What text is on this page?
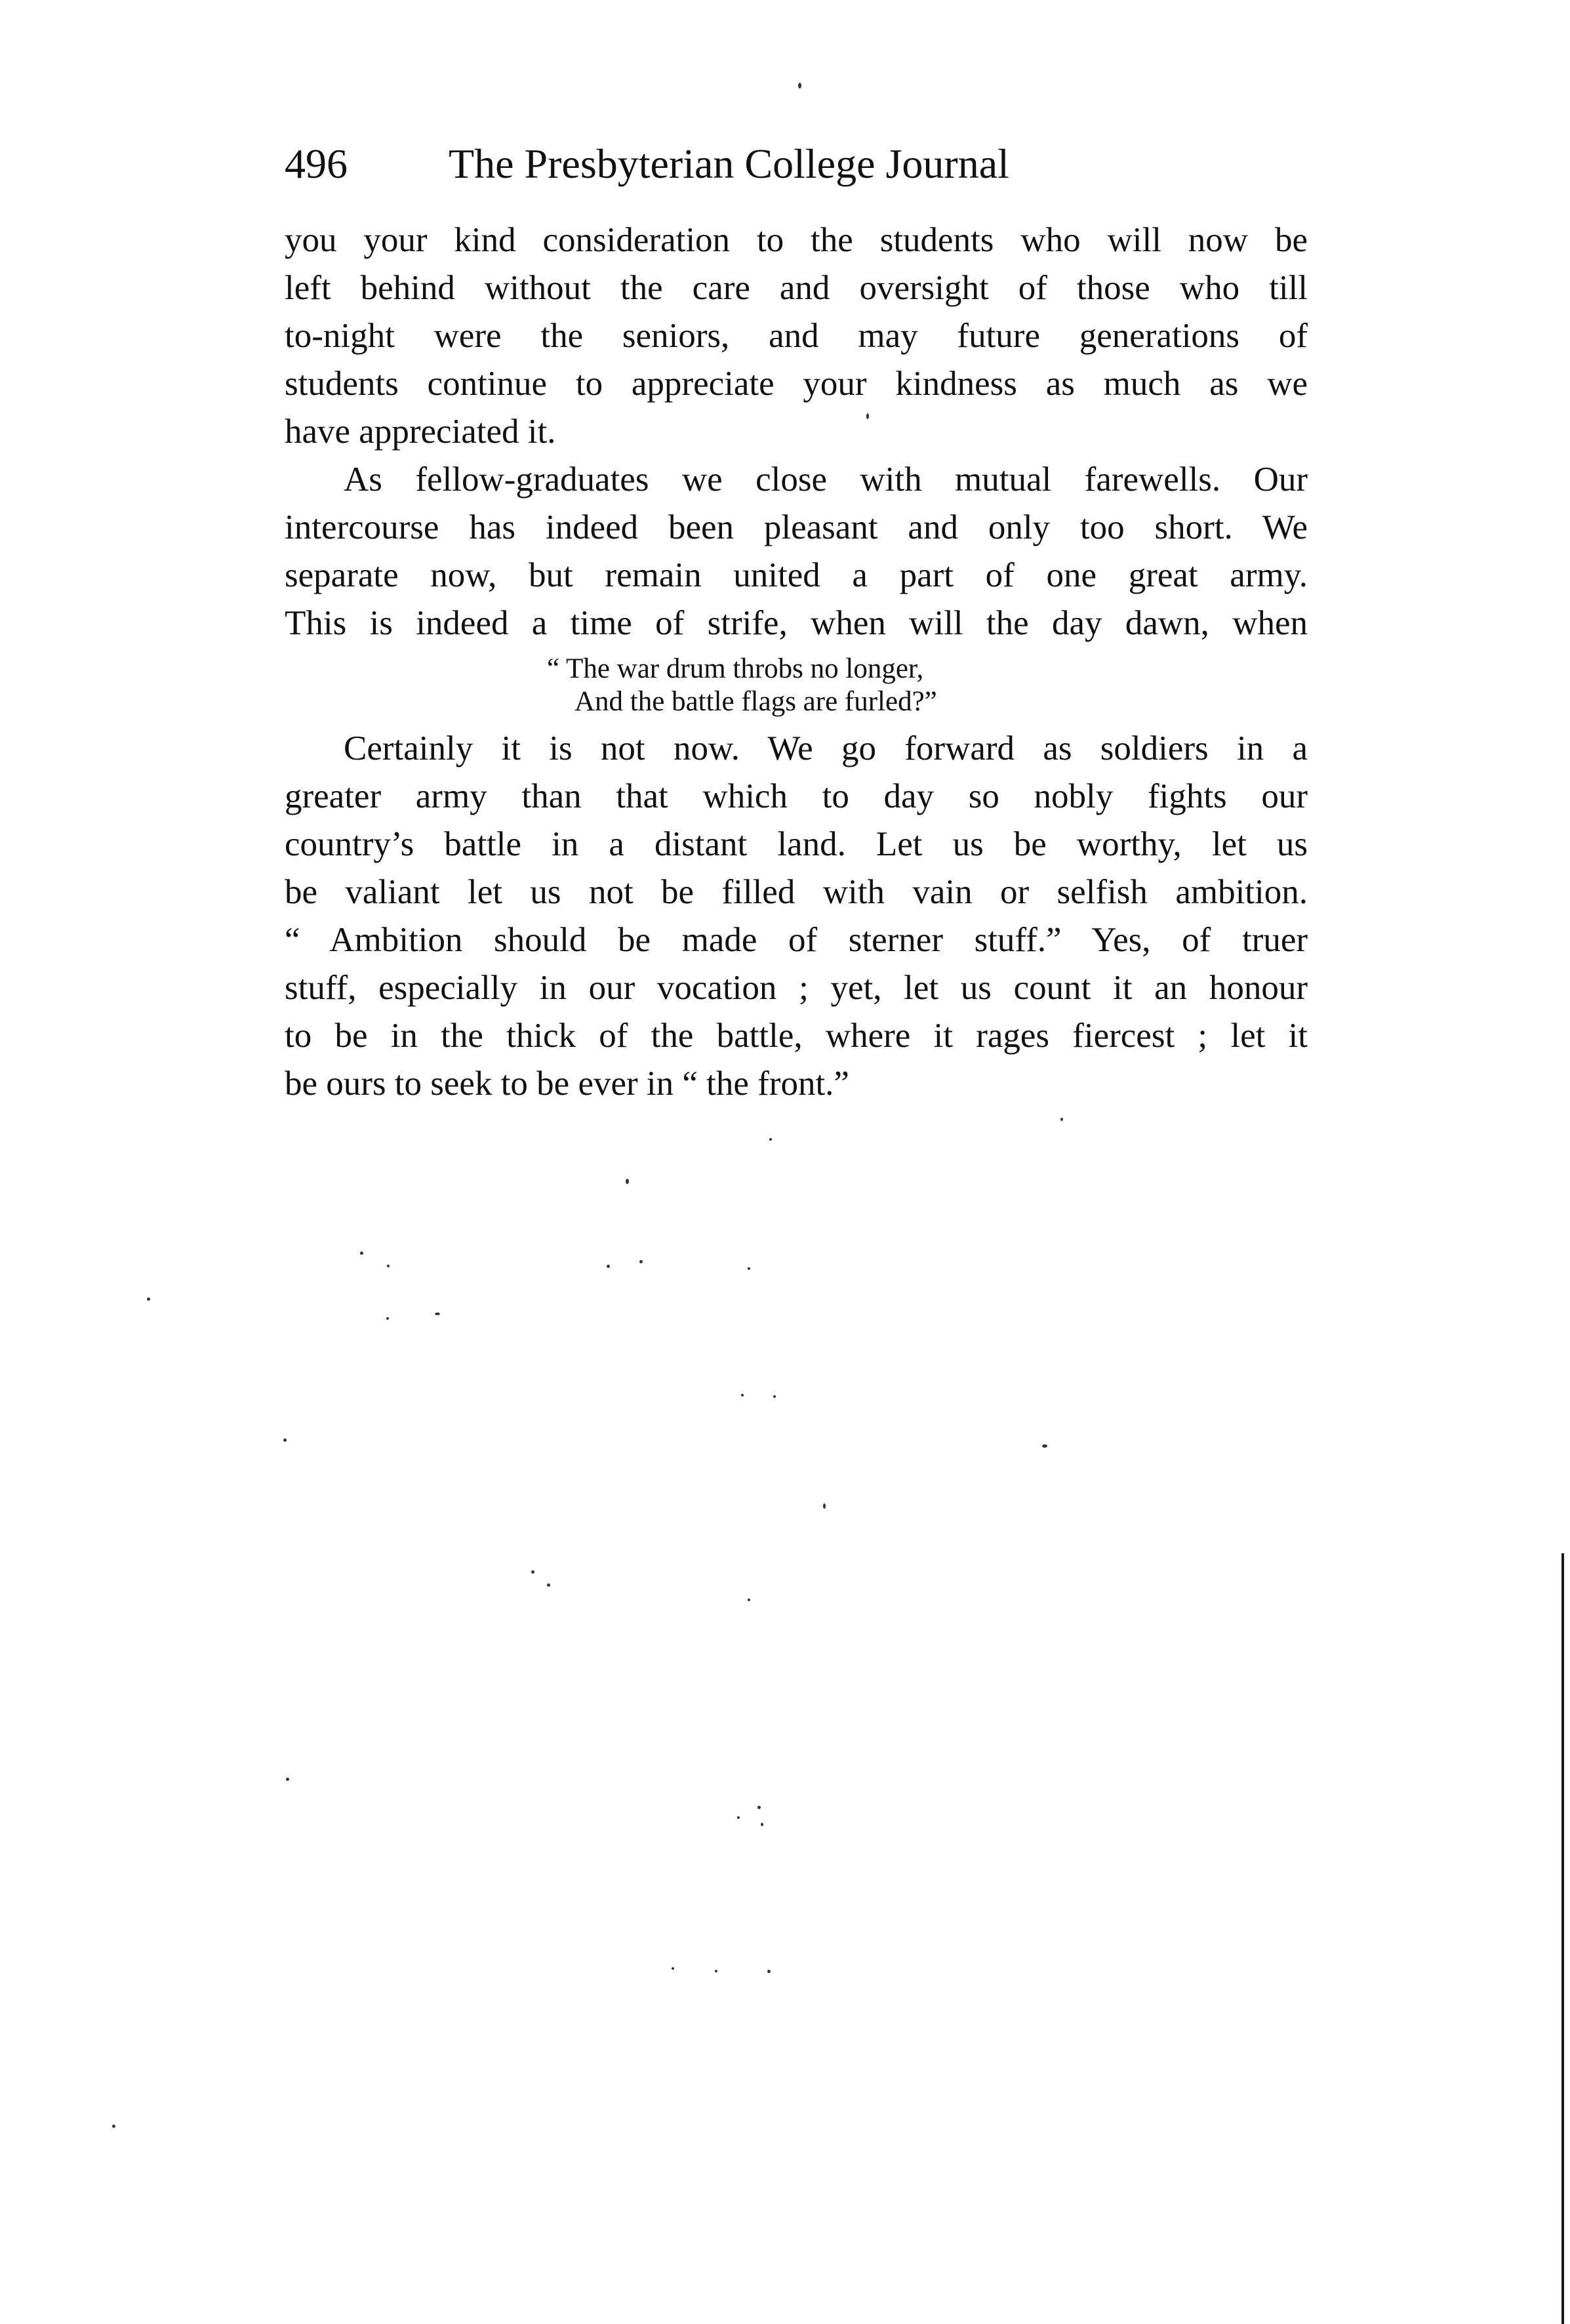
496 The Presbyterian College Journal
you your kind consideration to the students who will now be
left behind without the care and oversight of those who till
to-night were the seniors, and may future generations of
students continue to appreciate your kindness as much as we
have appreciated it.
As fellow-graduates we close with mutual farewells. Our
intercourse has indeed been pleasant and only too short. We
separate now, but remain united a part of one great army.
This is indeed a time of strife, when will the day dawn, when
“ The war drum throbs no longer,
And the battle flags are furled?”
Certainly it is not now. We go forward as soldiers in a
greater army than that which to day so nobly fights our
country’s battle in a distant land. Let us be worthy, let us
be valiant let us not be filled with vain or selfish ambition.
“ Ambition should be made of sterner stuff.” Yes, of truer
stuff, especially in our vocation ; yet, let us count it an honour
to be in the thick of the battle, where it rages fiercest ; let it
be ours to seek to be ever in “ the front.”
